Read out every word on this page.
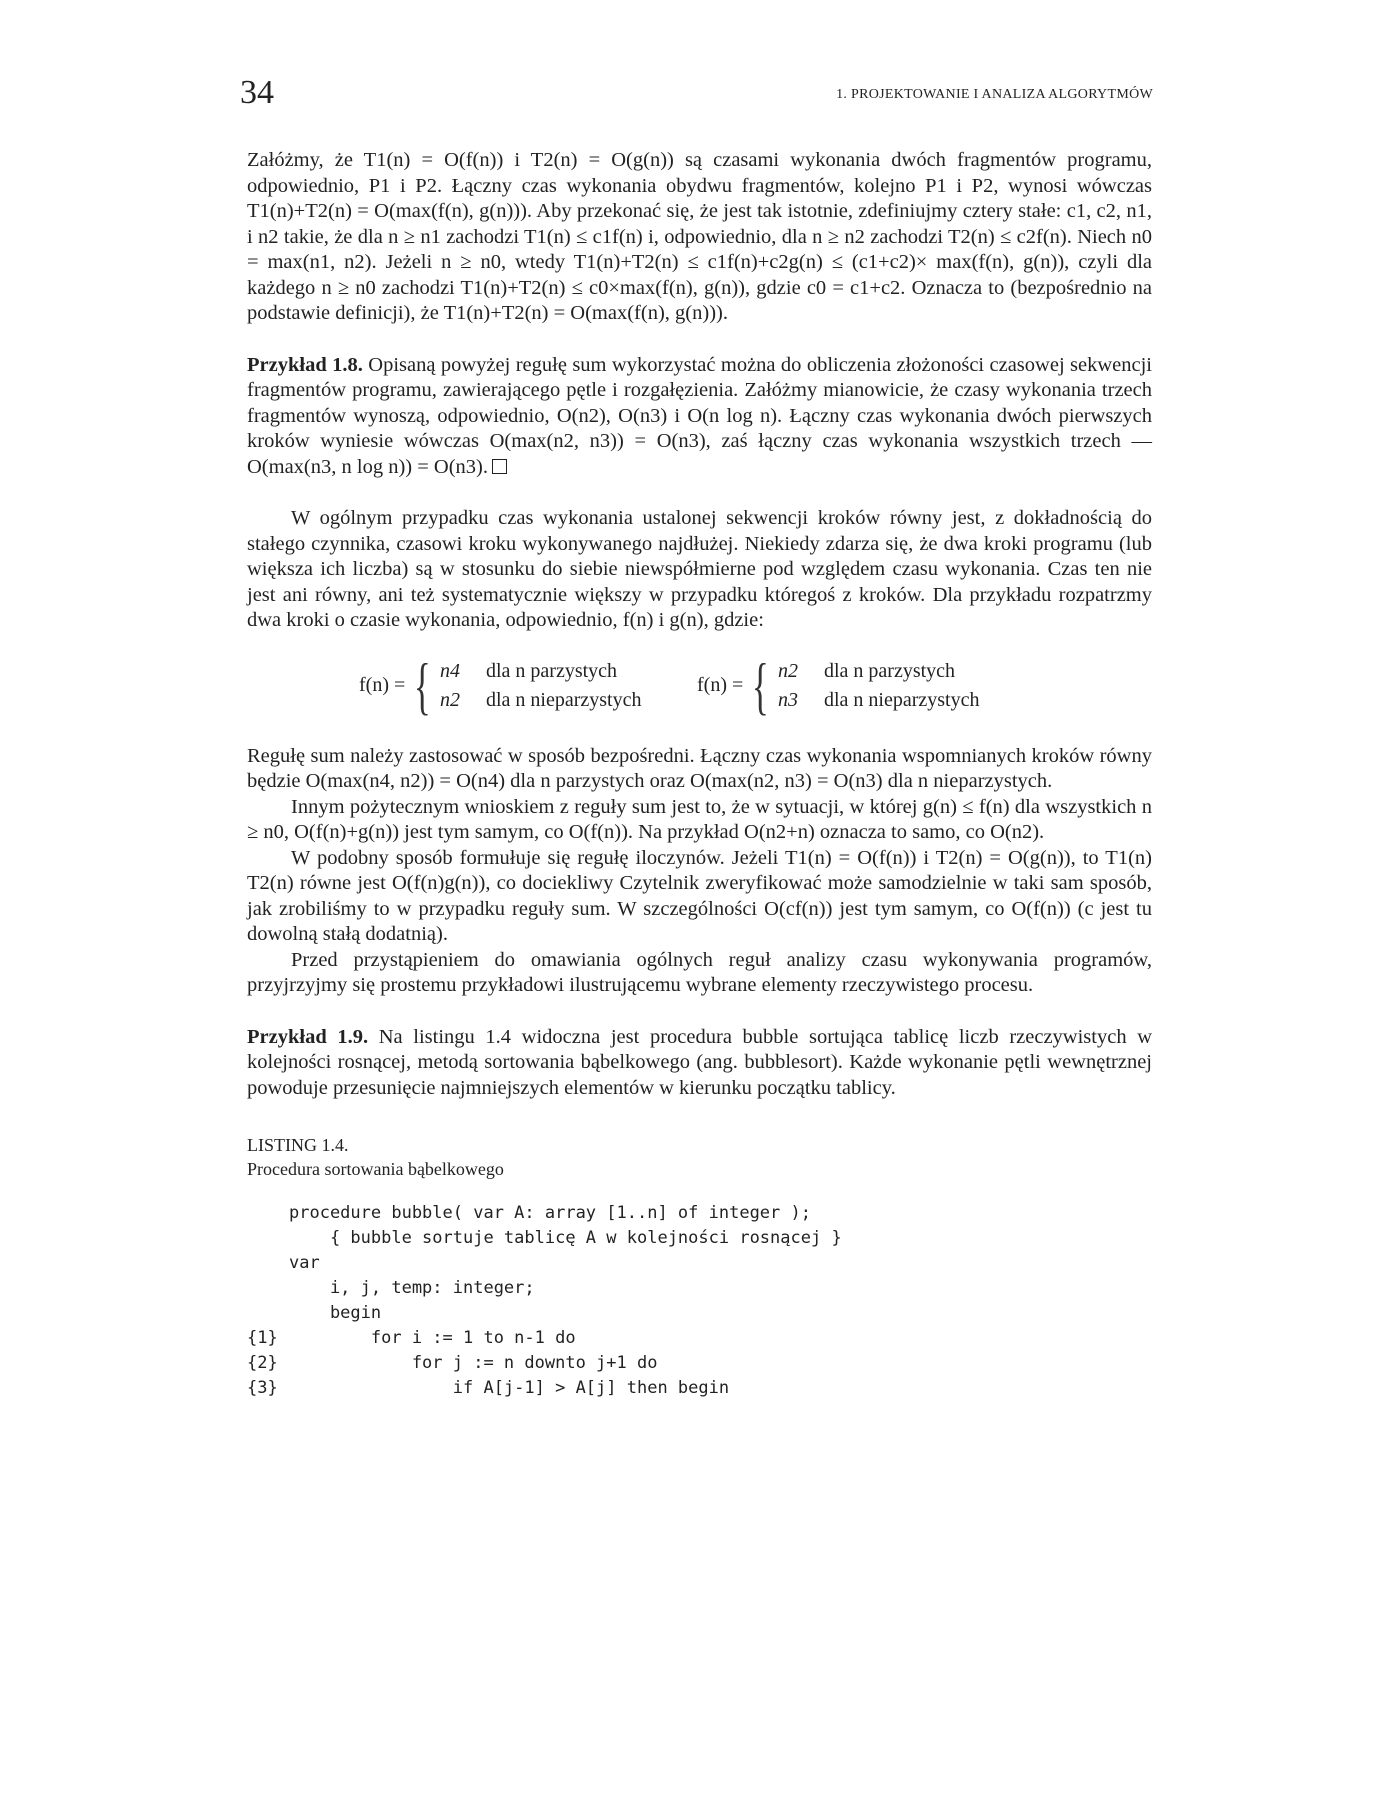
34	1. PROJEKTOWANIE I ANALIZA ALGORYTMÓW

Załóżmy, że T1(n) = O(f(n)) i T2(n) = O(g(n)) są czasami wykonania dwóch fragmentów programu, odpowiednio, P1 i P2. Łączny czas wykonania obydwu fragmentów, kolejno P1 i P2, wynosi wówczas T1(n)+T2(n) = O(max(f(n), g(n))). Aby przekonać się, że jest tak istotnie, zdefiniujmy cztery stałe: c1, c2, n1, i n2 takie, że dla n ≥ n1 zachodzi T1(n) ≤ c1f(n) i, odpowiednio, dla n ≥ n2 zachodzi T2(n) ≤ c2f(n). Niech n0 = max(n1, n2). Jeżeli n ≥ n0, wtedy T1(n)+T2(n) ≤ c1f(n)+c2g(n) ≤ (c1+c2)× max(f(n), g(n)), czyli dla każdego n ≥ n0 zachodzi T1(n)+T2(n) ≤ c0×max(f(n), g(n)), gdzie c0 = c1+c2. Oznacza to (bezpośrednio na podstawie definicji), że T1(n)+T2(n) = O(max(f(n), g(n))).

Przykład 1.8. Opisaną powyżej regułę sum wykorzystać można do obliczenia złożoności czasowej sekwencji fragmentów programu, zawierającego pętle i rozgałęzienia. Załóżmy mianowicie, że czasy wykonania trzech fragmentów wynoszą, odpowiednio, O(n2), O(n3) i O(n log n). Łączny czas wykonania dwóch pierwszych kroków wyniesie wówczas O(max(n2, n3)) = O(n3), zaś łączny czas wykonania wszystkich trzech — O(max(n3, n log n)) = O(n3).

W ogólnym przypadku czas wykonania ustalonej sekwencji kroków równy jest, z dokładnością do stałego czynnika, czasowi kroku wykonywanego najdłużej. Niekiedy zdarza się, że dwa kroki programu (lub większa ich liczba) są w stosunku do siebie niewspółmierne pod względem czasu wykonania. Czas ten nie jest ani równy, ani też systematycznie większy w przypadku któregoś z kroków. Dla przykładu rozpatrzmy dwa kroki o czasie wykonania, odpowiednio, f(n) i g(n), gdzie:

f(n) = { n4	dla n parzystych
n2	dla n nieparzystych
f(n) = { n2	dla n parzystych
n3	dla n nieparzystych

Regułę sum należy zastosować w sposób bezpośredni. Łączny czas wykonania wspomnianych kroków równy będzie O(max(n4, n2)) = O(n4) dla n parzystych oraz O(max(n2, n3) = O(n3) dla n nieparzystych.

Innym pożytecznym wnioskiem z reguły sum jest to, że w sytuacji, w której g(n) ≤ f(n) dla wszystkich n ≥ n0, O(f(n)+g(n)) jest tym samym, co O(f(n)). Na przykład O(n2+n) oznacza to samo, co O(n2).

W podobny sposób formułuje się regułę iloczynów. Jeżeli T1(n) = O(f(n)) i T2(n) = O(g(n)), to T1(n) T2(n) równe jest O(f(n)g(n)), co dociekliwy Czytelnik zweryfikować może samodzielnie w taki sam sposób, jak zrobiliśmy to w przypadku reguły sum. W szczególności O(cf(n)) jest tym samym, co O(f(n)) (c jest tu dowolną stałą dodatnią).

Przed przystąpieniem do omawiania ogólnych reguł analizy czasu wykonywania programów, przyjrzyjmy się prostemu przykładowi ilustrującemu wybrane elementy rzeczywistego procesu.

Przykład 1.9. Na listingu 1.4 widoczna jest procedura bubble sortująca tablicę liczb rzeczywistych w kolejności rosnącej, metodą sortowania bąbelkowego (ang. bubblesort). Każde wykonanie pętli wewnętrznej powoduje przesunięcie najmniejszych elementów w kierunku początku tablicy.

LISTING 1.4.
Procedura sortowania bąbelkowego
procedure bubble( var A: array [1..n] of integer );
{ bubble sortuje tablicę A w kolejności rosnącej }
var
i, j, temp: integer;
begin
{1} for i := 1 to n-1 do
{2} for j := n downto j+1 do
{3} if A[j-1] > A[j] then begin
